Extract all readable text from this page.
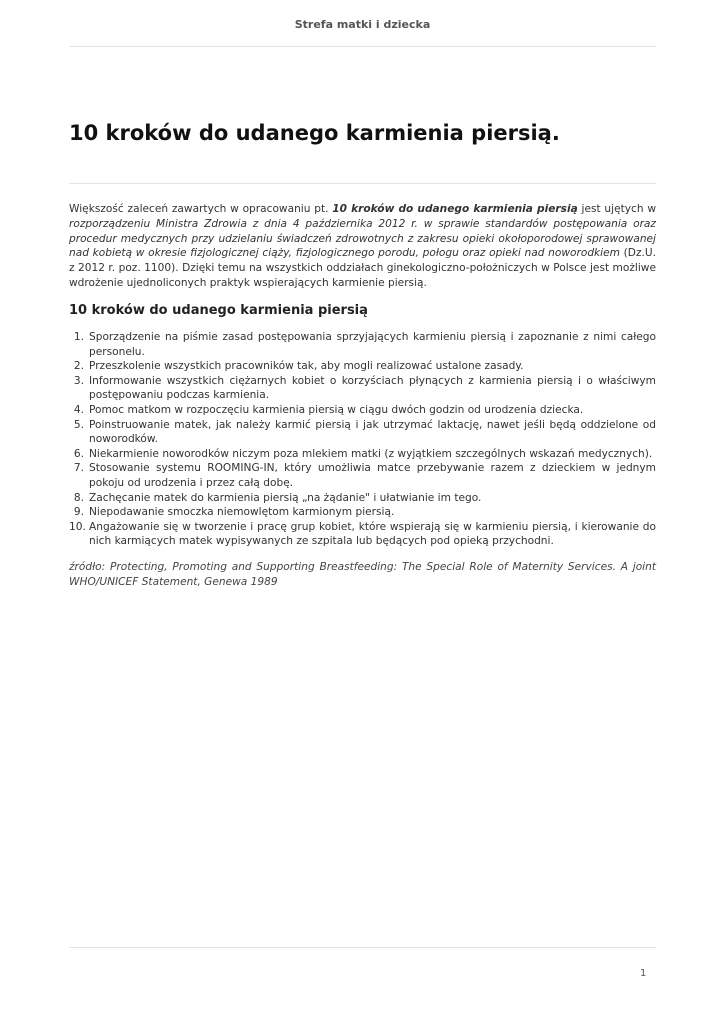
Strefa matki i dziecka
10 kroków do udanego karmienia piersią.

Większość zaleceń zawartych w opracowaniu pt. 10 kroków do udanego karmienia piersią jest ujętych w rozporządzeniu Ministra Zdrowia z dnia 4 października 2012 r. w sprawie standardów postępowania oraz procedur medycznych przy udzielaniu świadczeń zdrowotnych z zakresu opieki okołoporodowej sprawowanej nad kobietą w okresie fizjologicznej ciąży, fizjologicznego porodu, połogu oraz opieki nad noworodkiem (Dz.U. z 2012 r. poz. 1100). Dzięki temu na wszystkich oddziałach ginekologiczno-położniczych w Polsce jest możliwe wdrożenie ujednoliconych praktyk wspierających karmienie piersią.

10 kroków do udanego karmienia piersią
1. Sporządzenie na piśmie zasad postępowania sprzyjających karmieniu piersią i zapoznanie z nimi całego personelu.
2. Przeszkolenie wszystkich pracowników tak, aby mogli realizować ustalone zasady.
3. Informowanie wszystkich ciężarnych kobiet o korzyściach płynących z karmienia piersią i o właściwym postępowaniu podczas karmienia.
4. Pomoc matkom w rozpoczęciu karmienia piersią w ciągu dwóch godzin od urodzenia dziecka.
5. Poinstruowanie matek, jak należy karmić piersią i jak utrzymać laktację, nawet jeśli będą oddzielone od noworodków.
6. Niekarmienie noworodków niczym poza mlekiem matki (z wyjątkiem szczególnych wskazań medycznych).
7. Stosowanie systemu ROOMING-IN, który umożliwia matce przebywanie razem z dzieckiem w jednym pokoju od urodzenia i przez całą dobę.
8. Zachęcanie matek do karmienia piersią „na żądanie" i ułatwianie im tego.
9. Niepodawanie smoczka niemowlętom karmionym piersią.
10. Angażowanie się w tworzenie i pracę grup kobiet, które wspierają się w karmieniu piersią, i kierowanie do nich karmiących matek wypisywanych ze szpitala lub będących pod opieką przychodni.

źródło: Protecting, Promoting and Supporting Breastfeeding: The Special Role of Maternity Services. A joint WHO/UNICEF Statement, Genewa 1989

1
